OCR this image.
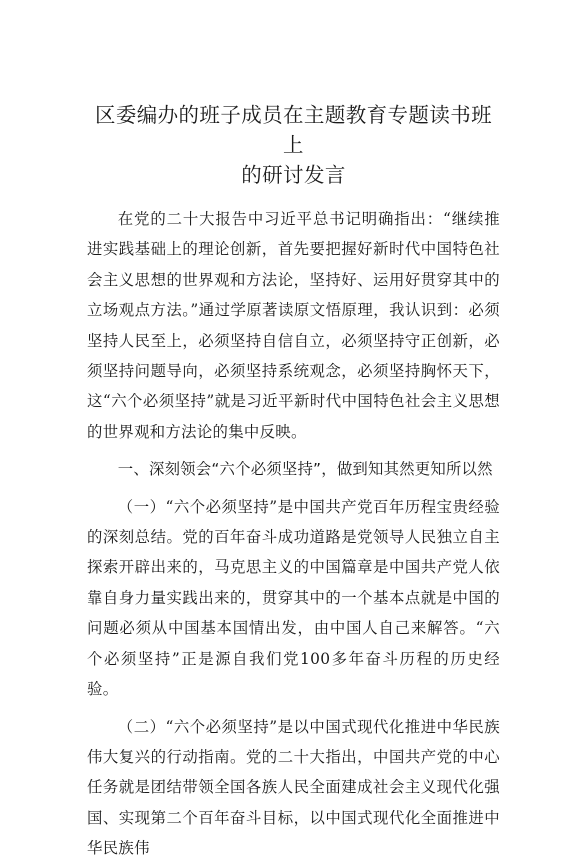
区委编办的班子成员在主题教育专题读书班上
的研讨发言

在党的二十大报告中习近平总书记明确指出：“继续推进实践基础上的理论创新，首先要把握好新时代中国特色社会主义思想的世界观和方法论，坚持好、运用好贯穿其中的立场观点方法。”通过学原著读原文悟原理，我认识到：必须坚持人民至上，必须坚持自信自立，必须坚持守正创新，必须坚持问题导向，必须坚持系统观念，必须坚持胸怀天下，这“六个必须坚持”就是习近平新时代中国特色社会主义思想的世界观和方法论的集中反映。

一、深刻领会“六个必须坚持”，做到知其然更知所以然

（一）“六个必须坚持”是中国共产党百年历程宝贵经验的深刻总结。党的百年奋斗成功道路是党领导人民独立自主探索开辟出来的，马克思主义的中国篇章是中国共产党人依靠自身力量实践出来的，贯穿其中的一个基本点就是中国的问题必须从中国基本国情出发，由中国人自己来解答。“六个必须坚持”正是源自我们党100多年奋斗历程的历史经验。

（二）“六个必须坚持”是以中国式现代化推进中华民族伟大复兴的行动指南。党的二十大指出，中国共产党的中心任务就是团结带领全国各族人民全面建成社会主义现代化强国、实现第二个百年奋斗目标，以中国式现代化全面推进中华民族伟
